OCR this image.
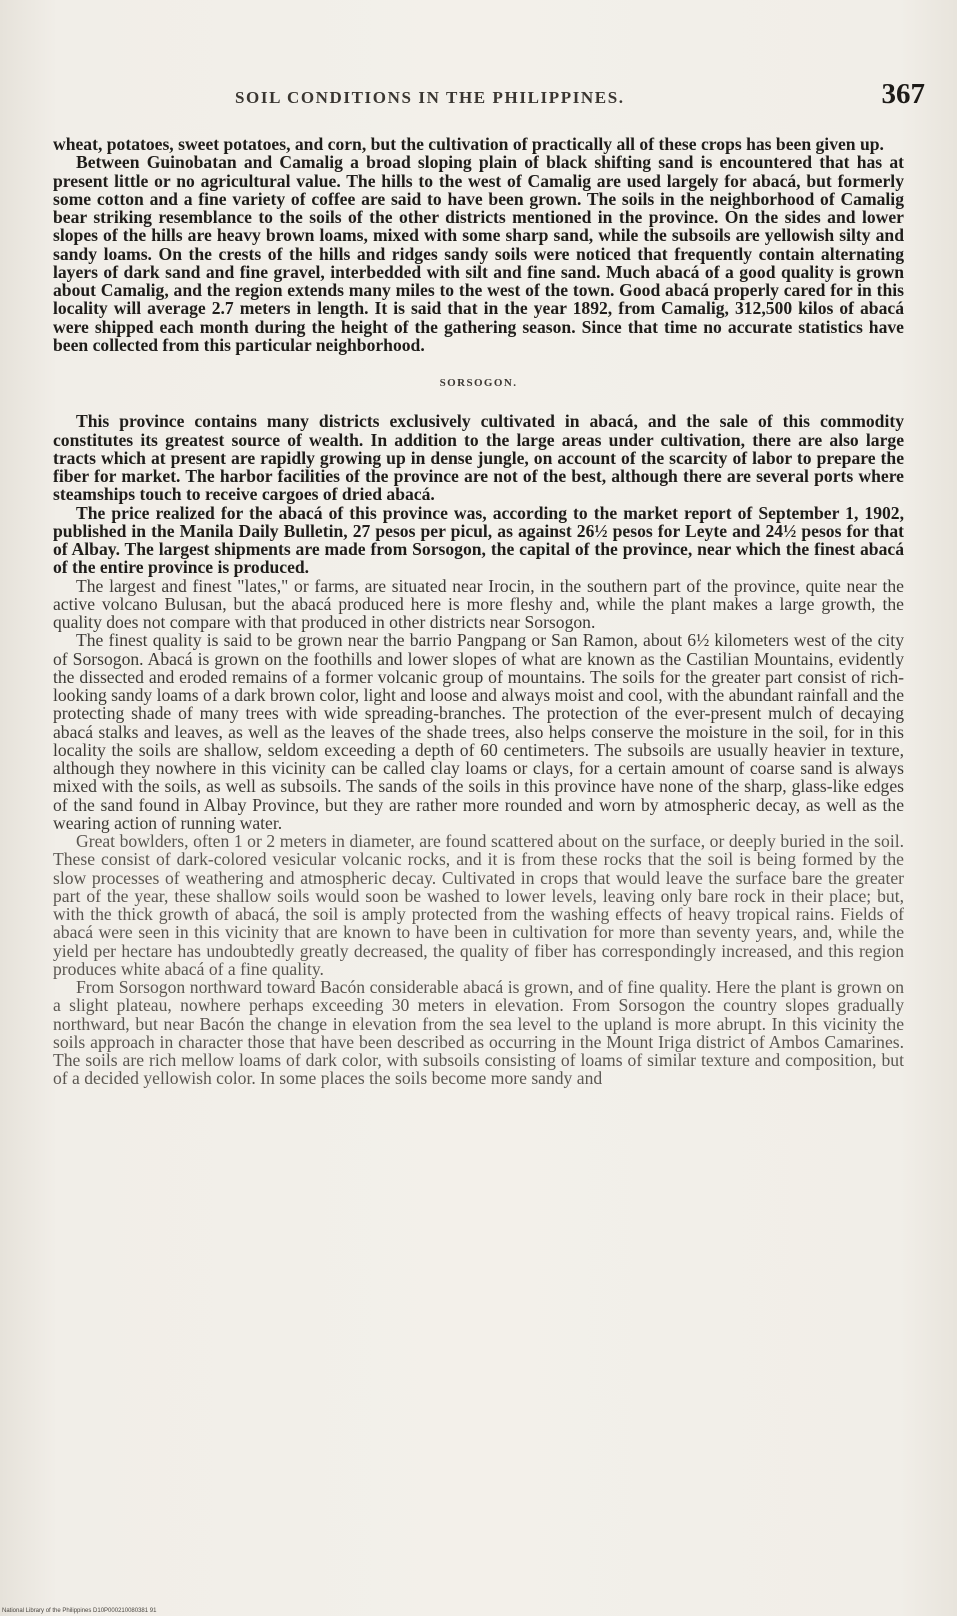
SOIL CONDITIONS IN THE PHILIPPINES.	367

wheat, potatoes, sweet potatoes, and corn, but the cultivation of practically all of these crops has been given up.

Between Guinobatan and Camalig a broad sloping plain of black shifting sand is encountered that has at present little or no agricultural value. The hills to the west of Camalig are used largely for abacá, but formerly some cotton and a fine variety of coffee are said to have been grown. The soils in the neighborhood of Camalig bear striking resemblance to the soils of the other districts mentioned in the province. On the sides and lower slopes of the hills are heavy brown loams, mixed with some sharp sand, while the subsoils are yellowish silty and sandy loams. On the crests of the hills and ridges sandy soils were noticed that frequently contain alternating layers of dark sand and fine gravel, interbedded with silt and fine sand. Much abacá of a good quality is grown about Camalig, and the region extends many miles to the west of the town. Good abacá properly cared for in this locality will average 2.7 meters in length. It is said that in the year 1892, from Camalig, 312,500 kilos of abacá were shipped each month during the height of the gathering season. Since that time no accurate statistics have been collected from this particular neighborhood.

SORSOGON.

This province contains many districts exclusively cultivated in abacá, and the sale of this commodity constitutes its greatest source of wealth. In addition to the large areas under cultivation, there are also large tracts which at present are rapidly growing up in dense jungle, on account of the scarcity of labor to prepare the fiber for market. The harbor facilities of the province are not of the best, although there are several ports where steamships touch to receive cargoes of dried abacá.

The price realized for the abacá of this province was, according to the market report of September 1, 1902, published in the Manila Daily Bulletin, 27 pesos per picul, as against 26½ pesos for Leyte and 24½ pesos for that of Albay. The largest shipments are made from Sorsogon, the capital of the province, near which the finest abacá of the entire province is produced.

The largest and finest "lates," or farms, are situated near Irocin, in the southern part of the province, quite near the active volcano Bulusan, but the abacá produced here is more fleshy and, while the plant makes a large growth, the quality does not compare with that produced in other districts near Sorsogon.

The finest quality is said to be grown near the barrio Pangpang or San Ramon, about 6½ kilometers west of the city of Sorsogon. Abacá is grown on the foothills and lower slopes of what are known as the Castilian Mountains, evidently the dissected and eroded remains of a former volcanic group of mountains. The soils for the greater part consist of rich-looking sandy loams of a dark brown color, light and loose and always moist and cool, with the abundant rainfall and the protecting shade of many trees with wide spreading-branches. The protection of the ever-present mulch of decaying abacá stalks and leaves, as well as the leaves of the shade trees, also helps conserve the moisture in the soil, for in this locality the soils are shallow, seldom exceeding a depth of 60 centimeters. The subsoils are usually heavier in texture, although they nowhere in this vicinity can be called clay loams or clays, for a certain amount of coarse sand is always mixed with the soils, as well as subsoils. The sands of the soils in this province have none of the sharp, glass-like edges of the sand found in Albay Province, but they are rather more rounded and worn by atmospheric decay, as well as the wearing action of running water.

Great bowlders, often 1 or 2 meters in diameter, are found scattered about on the surface, or deeply buried in the soil. These consist of dark-colored vesicular volcanic rocks, and it is from these rocks that the soil is being formed by the slow processes of weathering and atmospheric decay. Cultivated in crops that would leave the surface bare the greater part of the year, these shallow soils would soon be washed to lower levels, leaving only bare rock in their place; but, with the thick growth of abacá, the soil is amply protected from the washing effects of heavy tropical rains. Fields of abacá were seen in this vicinity that are known to have been in cultivation for more than seventy years, and, while the yield per hectare has undoubtedly greatly decreased, the quality of fiber has correspondingly increased, and this region produces white abacá of a fine quality.

From Sorsogon northward toward Bacón considerable abacá is grown, and of fine quality. Here the plant is grown on a slight plateau, nowhere perhaps exceeding 30 meters in elevation. From Sorsogon the country slopes gradually northward, but near Bacón the change in elevation from the sea level to the upland is more abrupt. In this vicinity the soils approach in character those that have been described as occurring in the Mount Iriga district of Ambos Camarines. The soils are rich mellow loams of dark color, with subsoils consisting of loams of similar texture and composition, but of a decided yellowish color. In some places the soils become more sandy and

National Library of the Philippines D10P000210080381 91
